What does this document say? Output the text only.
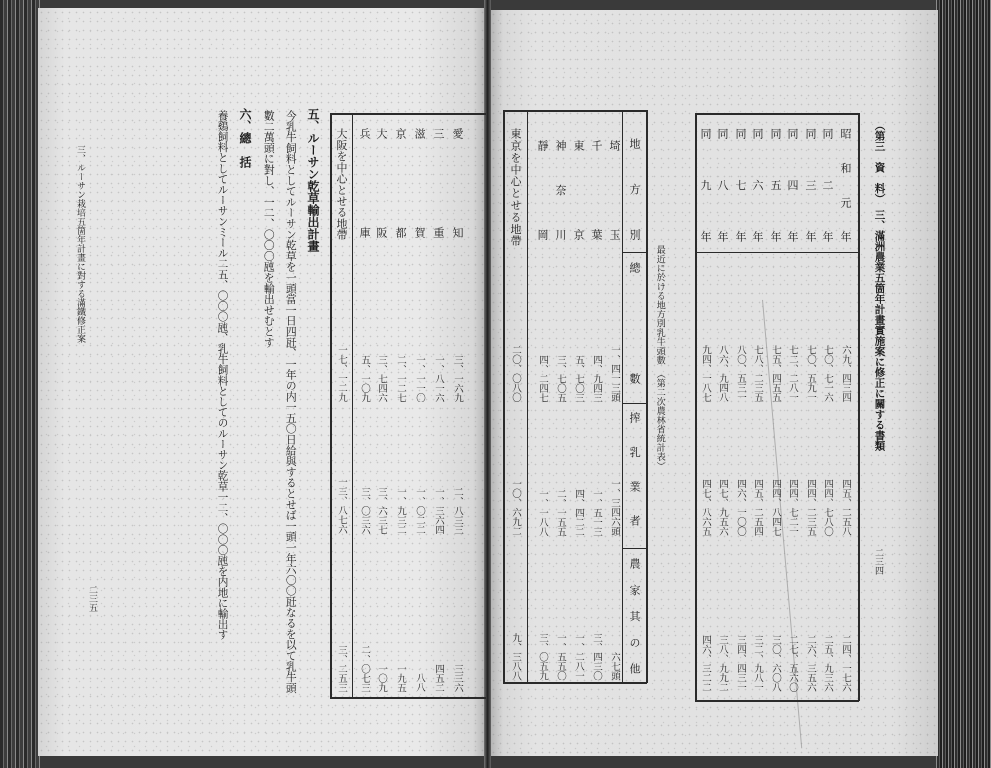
三、ルーサン栽培五箇年計畫に對する滿鐵修正案
二三五
愛知
三、一六九
二、八三三
三三六
三重
一、八一六
一、三六四
四五二
滋賀
一、一一〇
一、〇二二
八八
京都
二、一二七
一、九三二
一九五
大阪
三、七四六
三、六三七
一〇九
兵庫
五、一〇九
三、〇三六
二、〇七三
大阪を中心とせる地帶
一七、一二九
一三、八七六
三、二五三
五、ルーサン乾草輸出計畫
今乳牛飼料としてルーサン乾草を一頭當一日四瓩、一年の内一五〇日給與するとせば一頭一年六〇〇瓩なるを以て乳牛頭
數二萬頭に對し、一二、〇〇〇瓲を輸出せむとす
六、總　括
養鷄飼料としてルーサンミール二五、〇〇〇瓲、乳牛飼料としてのルーサン乾草一二、〇〇〇瓲を内地に輸出す	（第三　資　料）　三、滿洲農業五箇年計畫實施案に修正に關する書類
二三四
昭和元年
六九、四三四
四五、二五八
二四、一七六
同二年
七〇、七一六
四四、七八〇
二五、九三六
同三年
七〇、五九一
四四、二三五
二六、三五六
同四年
七二、二八一
四四、七二一
二七、五六〇
同五年
七五、四五五
四四、八四七
三〇、六〇八
同六年
七八、二三五
四五、二五四
三二、九八一
同七年
八〇、五三一
四六、一〇〇
三四、四三一
同八年
八六、九四八
四七、九五六
三八、九九二
同九年
九四、一八七
四七、八六五
四六、三二二
最近に於ける地方別乳牛頭數　（第二次農林省統計表）
地方別
總數
搾乳業者
農家其の他
埼玉
一、四一三頭
一、三四六頭
六七頭
千葉
四、九四三
一、五一三
三、四三〇
東京
五、七〇三
四、四二二
一、二八一
神奈川
三、七〇五
二、一五五
一、五五〇
靜岡
四、二四七
一、一八八
三、〇五九
東京を中心とせる地帶
二〇、〇八〇
一〇、六九二
九、三八八
